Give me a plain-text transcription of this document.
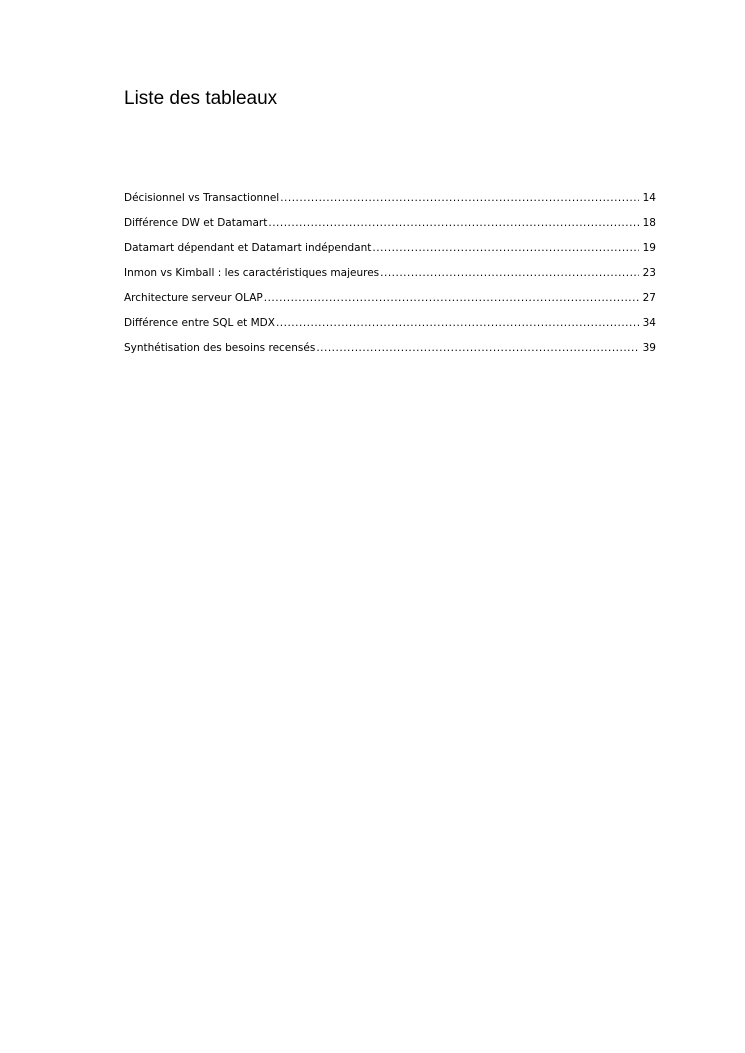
Liste des tableaux
Décisionnel vs Transactionnel .....	14
Différence DW et Datamart .....	18
Datamart dépendant et Datamart indépendant .....	19
Inmon vs Kimball : les caractéristiques majeures .....	23
Architecture serveur OLAP .....	27
Différence entre SQL et MDX .....	34
Synthétisation des besoins recensés .....	39
